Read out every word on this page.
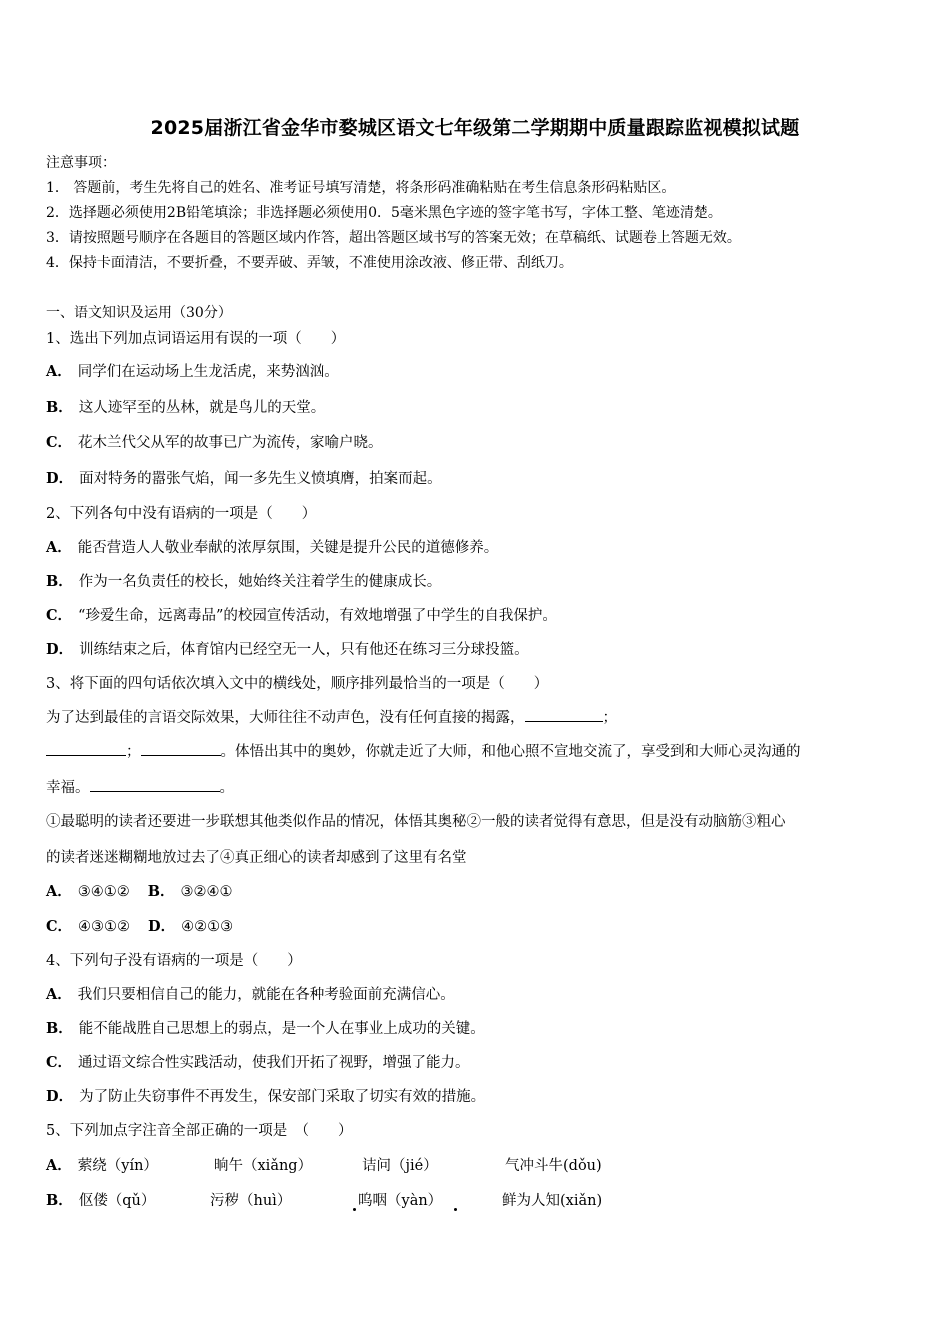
2025届浙江省金华市婺城区语文七年级第二学期期中质量跟踪监视模拟试题
注意事项：
1． 答题前，考生先将自己的姓名、准考证号填写清楚，将条形码准确粘贴在考生信息条形码粘贴区。
2．选择题必须使用2B铅笔填涂；非选择题必须使用0．5毫米黑色字迹的签字笔书写，字体工整、笔迹清楚。
3．请按照题号顺序在各题目的答题区域内作答，超出答题区域书写的答案无效；在草稿纸、试题卷上答题无效。
4．保持卡面清洁，不要折叠，不要弄破、弄皱，不准使用涂改液、修正带、刮纸刀。
一、语文知识及运用（30分）
1、选出下列加点词语运用有误的一项（　　）
A． 同学们在运动场上生龙活虎，来势汹汹。
B． 这人迹罕至的丛林，就是鸟儿的天堂。
C． 花木兰代父从军的故事已广为流传，家喻户晓。
D． 面对特务的嚣张气焰，闻一多先生义愤填膺，拍案而起。
2、下列各句中没有语病的一项是（　　）
A． 能否营造人人敬业奉献的浓厚氛围，关键是提升公民的道德修养。
B． 作为一名负责任的校长，她始终关注着学生的健康成长。
C． “珍爱生命，远离毒品”的校园宣传活动，有效地增强了中学生的自我保护。
D． 训练结束之后，体育馆内已经空无一人，只有他还在练习三分球投篮。
3、将下面的四句话依次填入文中的横线处，顺序排列最恰当的一项是（　　）
为了达到最佳的言语交际效果，大师往往不动声色，没有任何直接的揭露，	；
；	。体悟出其中的奥妙，你就走近了大师，和他心照不宣地交流了，享受到和大师心灵沟通的
幸福。	。
①最聪明的读者还要进一步联想其他类似作品的情况，体悟其奥秘②一般的读者觉得有意思，但是没有动脑筋③粗心
的读者迷迷糊糊地放过去了④真正细心的读者却感到了这里有名堂
A． ③④①② B． ③②④①
C． ④③①② D． ④②①③
4、下列句子没有语病的一项是（　　）
A． 我们只要相信自己的能力，就能在各种考验面前充满信心。
B． 能不能战胜自己思想上的弱点，是一个人在事业上成功的关键。
C． 通过语文综合性实践活动，使我们开拓了视野，增强了能力。
D． 为了防止失窃事件不再发生，保安部门采取了切实有效的措施。
5、下列加点字注音全部正确的一项是　（　　）
A． 萦绕（yín）	晌午（xiǎng）	诘问（jié）	气冲斗牛(dǒu)
B． 伛偻（qǔ）	污秽（huì）	呜咽（yàn）	鲜为人知(xiǎn)
